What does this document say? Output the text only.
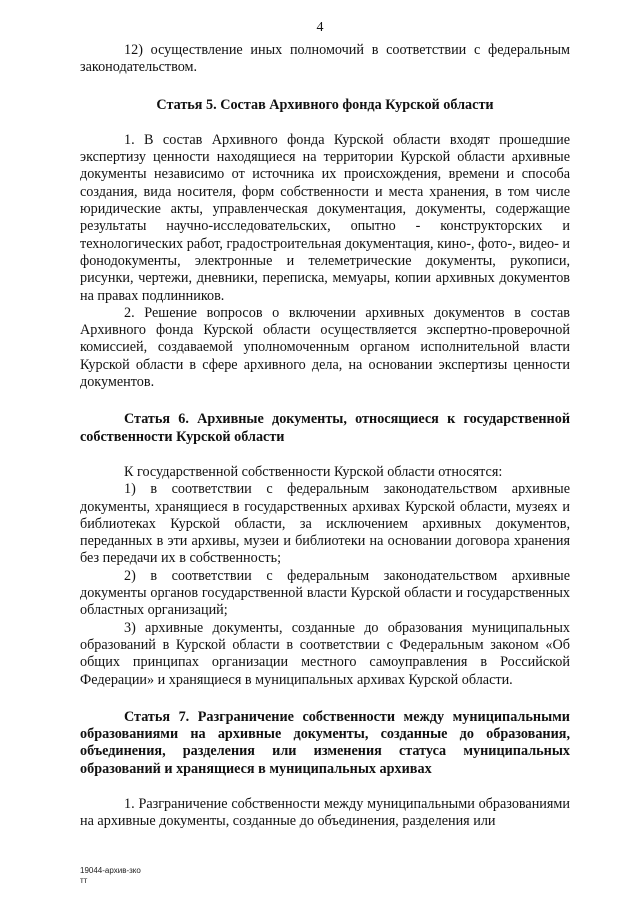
4

12) осуществление иных полномочий в соответствии с федеральным законодательством.

Статья 5. Состав Архивного фонда Курской области

1. В состав Архивного фонда Курской области входят прошедшие экспертизу ценности находящиеся на территории Курской области архивные документы независимо от источника их происхождения, времени и способа создания, вида носителя, форм собственности и места хранения, в том числе юридические акты, управленческая документация, документы, содержащие результаты научно-исследовательских, опытно - конструкторских и технологических работ, градостроительная документация, кино-, фото-, видео- и фонодокументы, электронные и телеметрические документы, рукописи, рисунки, чертежи, дневники, переписка, мемуары, копии архивных документов на правах подлинников.

2. Решение вопросов о включении архивных документов в состав Архивного фонда Курской области осуществляется экспертно-проверочной комиссией, создаваемой уполномоченным органом исполнительной власти Курской области в сфере архивного дела, на основании экспертизы ценности документов.

Статья 6. Архивные документы, относящиеся к государственной собственности Курской области

К государственной собственности Курской области относятся:

1) в соответствии с федеральным законодательством архивные документы, хранящиеся в государственных архивах Курской области, музеях и библиотеках Курской области, за исключением архивных документов, переданных в эти архивы, музеи и библиотеки на основании договора хранения без передачи их в собственность;

2) в соответствии с федеральным законодательством архивные документы органов государственной власти Курской области и государственных областных организаций;

3) архивные документы, созданные до образования муниципальных образований в Курской области в соответствии с Федеральным законом «Об общих принципах организации местного самоуправления в Российской Федерации» и хранящиеся в муниципальных архивах Курской области.

Статья 7. Разграничение собственности между муниципальными образованиями на архивные документы, созданные до образования, объединения, разделения или изменения статуса муниципальных образований и хранящиеся в муниципальных архивах

1. Разграничение собственности между муниципальными образованиями на архивные документы, созданные до объединения, разделения или

19044-архив-зко
тт
